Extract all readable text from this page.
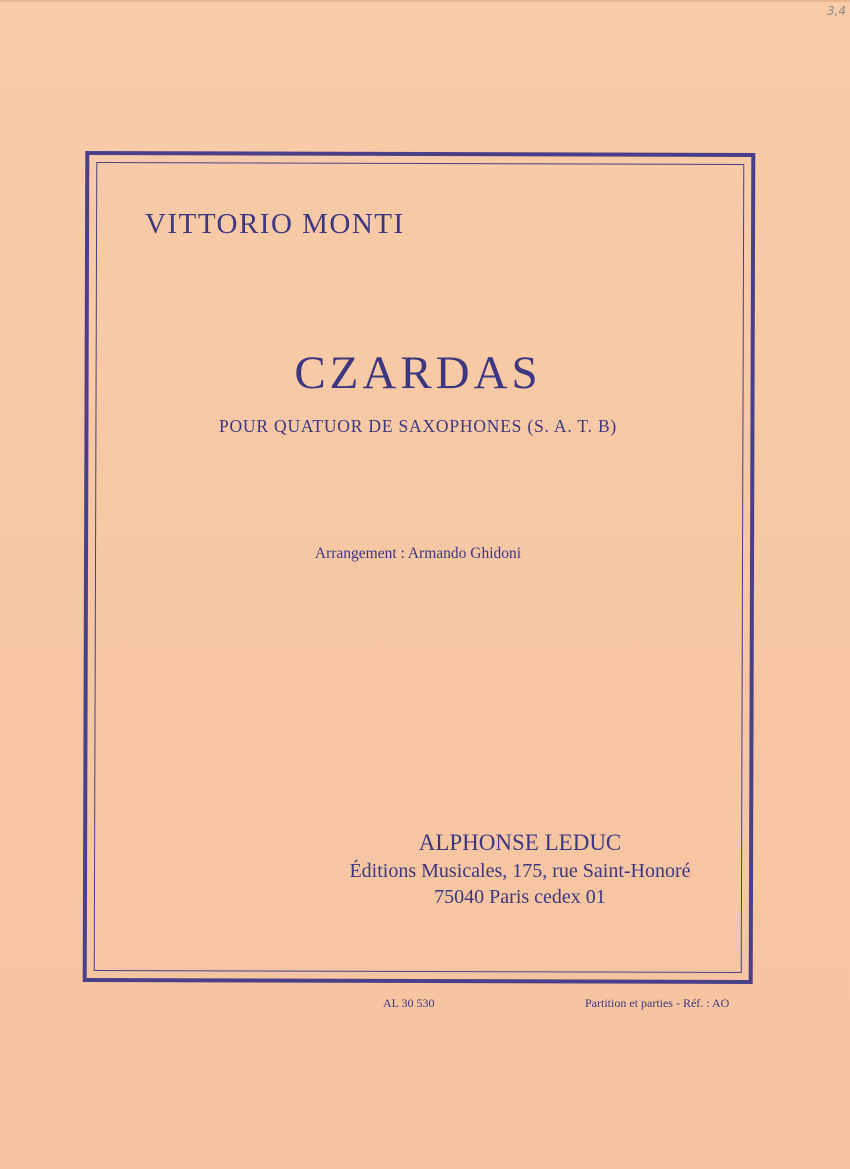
3,4
VITTORIO MONTI
CZARDAS
POUR QUATUOR DE SAXOPHONES (S. A. T. B)
Arrangement : Armando Ghidoni
ALPHONSE LEDUC
Éditions Musicales, 175, rue Saint-Honoré
75040 Paris cedex 01
AL 30 530	Partition et parties - Réf. : AO
